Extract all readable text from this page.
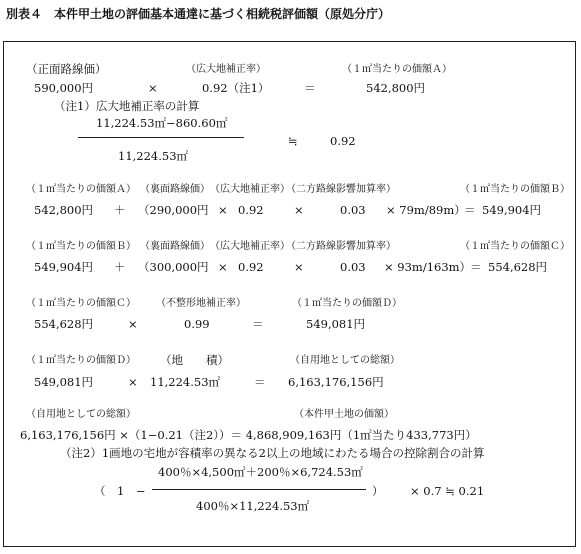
別表４　本件甲土地の評価基本通達に基づく相続税評価額（原処分庁）
（正面路線価）	（広大地補正率）	（１㎡当たりの価額Ａ）
590,000円	×	0.92（注1）	＝	542,800円
（注1）広大地補正率の計算
11,224.53㎡−860.60㎡
≒	0.92
11,224.53㎡
（１㎡当たりの価額Ａ） （裏面路線価） （広大地補正率）
（二方路線影響加算率）	（１㎡当たりの価額Ｂ）
542,800円 ＋ （290,000円 × 0.92	×	0.03 × 79m/89m）
＝ 549,904円
（１㎡当たりの価額Ｂ） （裏面路線価） （広大地補正率）
（二方路線影響加算率）	（１㎡当たりの価額Ｃ）
549,904円 ＋ （300,000円 × 0.92	×	0.03 × 93m/163m）
＝ 554,628円
（１㎡当たりの価額Ｃ） （不整形地補正率）	（１㎡当たりの価額Ｄ）
554,628円	×	0.99	＝	549,081円
（１㎡当たりの価額Ｄ） （地　　積）	（自用地としての総額）
549,081円	× 11,224.53㎡	＝ 6,163,176,156円
（自用地としての総額）	（本件甲土地の価額）
6,163,176,156円 ×（1−0.21（注2））＝ 4,868,909,163円（1㎡当たり433,773円）
（注2）1画地の宅地が容積率の異なる2以上の地域にわたる場合の控除割合の計算
400％×4,500㎡＋200％×6,724.53㎡
（　1　−	） × 0.7 ≒ 0.21
400％×11,224.53㎡
